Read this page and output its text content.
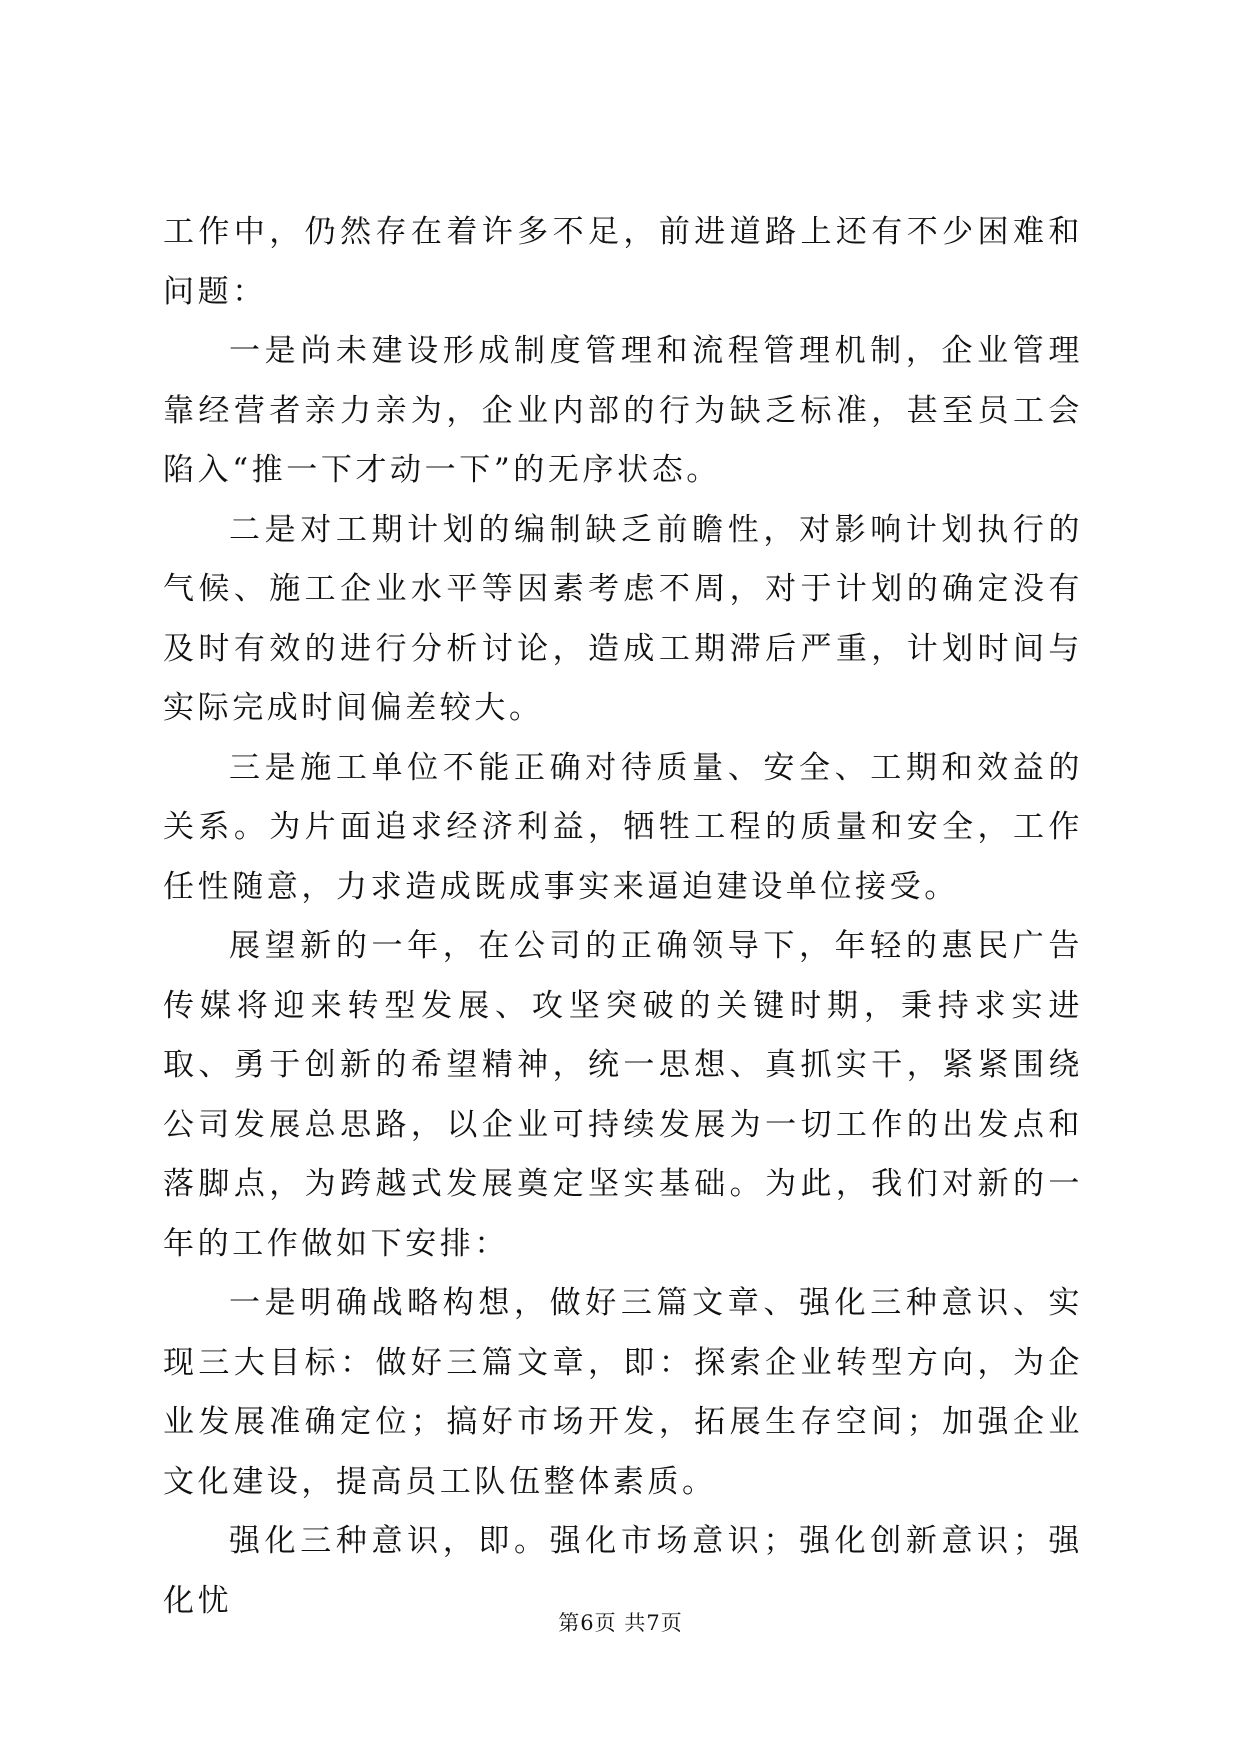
工作中，仍然存在着许多不足，前进道路上还有不少困难和问题：

一是尚未建设形成制度管理和流程管理机制，企业管理靠经营者亲力亲为，企业内部的行为缺乏标准，甚至员工会陷入“推一下才动一下”的无序状态。

二是对工期计划的编制缺乏前瞻性，对影响计划执行的气候、施工企业水平等因素考虑不周，对于计划的确定没有及时有效的进行分析讨论，造成工期滞后严重，计划时间与实际完成时间偏差较大。

三是施工单位不能正确对待质量、安全、工期和效益的关系。为片面追求经济利益，牺牲工程的质量和安全，工作任性随意，力求造成既成事实来逼迫建设单位接受。

展望新的一年，在公司的正确领导下，年轻的惠民广告传媒将迎来转型发展、攻坚突破的关键时期，秉持求实进取、勇于创新的希望精神，统一思想、真抓实干，紧紧围绕公司发展总思路，以企业可持续发展为一切工作的出发点和落脚点，为跨越式发展奠定坚实基础。为此，我们对新的一年的工作做如下安排：

一是明确战略构想，做好三篇文章、强化三种意识、实现三大目标：做好三篇文章，即：探索企业转型方向，为企业发展准确定位；搞好市场开发，拓展生存空间；加强企业文化建设，提高员工队伍整体素质。

强化三种意识，即。强化市场意识；强化创新意识；强化忧

第6页 共7页
